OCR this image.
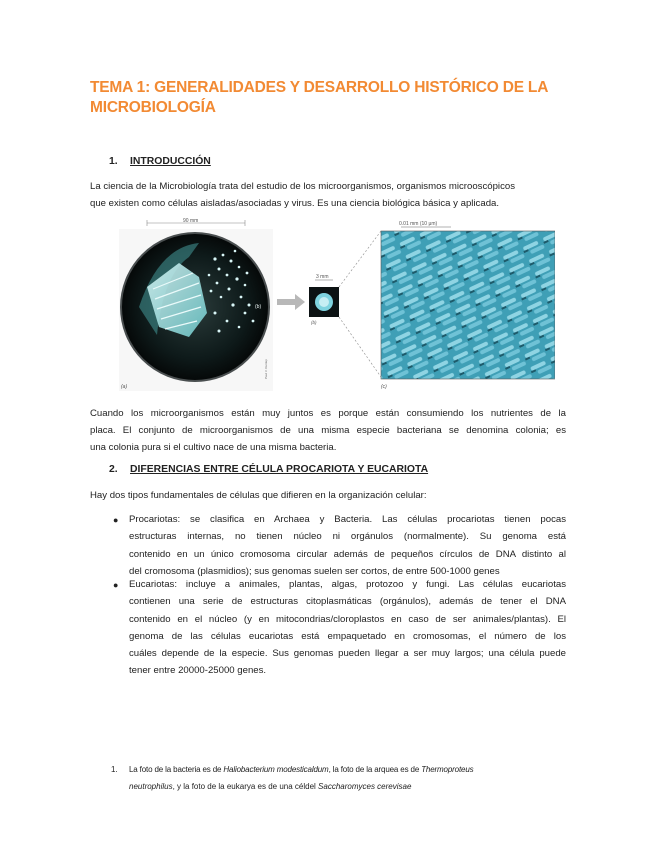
TEMA 1: GENERALIDADES Y DESARROLLO HISTÓRICO DE LA
MICROBIOLOGÍA
1. INTRODUCCIÓN
La ciencia de la Microbiología trata del estudio de los microorganismos, organismos microoscópicos
que existen como células aisladas/asociadas y virus. Es una ciencia biológica básica y aplicada.
(b)
90 mm
(a)
Paul V. Dunlap
3 mm
(b)
0.01 mm (10 μm)
(c)
Cuando los microorganismos están muy juntos es porque están consumiendo los nutrientes de la
placa. El conjunto de microorganismos de una misma especie bacteriana se denomina colonia; es
una colonia pura si el cultivo nace de una misma bacteria.
2. DIFERENCIAS ENTRE CÉLULA PROCARIOTA Y EUCARIOTA
Hay dos tipos fundamentales de células que difieren en la organización celular:
● Procariotas: se clasifica en Archaea y Bacteria. Las células procariotas tienen pocas
estructuras internas, no tienen núcleo ni orgánulos (normalmente). Su genoma está
contenido en un único cromosoma circular además de pequeños círculos de DNA distinto al
del cromosoma (plasmidios); sus genomas suelen ser cortos, de entre 500-1000 genes
● Eucariotas: incluye a animales, plantas, algas, protozoo y fungi. Las células eucariotas
contienen una serie de estructuras citoplasmáticas (orgánulos), además de tener el DNA
contenido en el núcleo (y en mitocondrias/cloroplastos en caso de ser animales/plantas). El
genoma de las células eucariotas está empaquetado en cromosomas, el número de los
cuáles depende de la especie. Sus genomas pueden llegar a ser muy largos; una célula puede
tener entre 20000-25000 genes.
1. La foto de la bacteria es de Haliobacterium modesticaldum, la foto de la arquea es de Thermoproteus
neutrophilus, y la foto de la eukarya es de una céldel Saccharomyces cerevisae
